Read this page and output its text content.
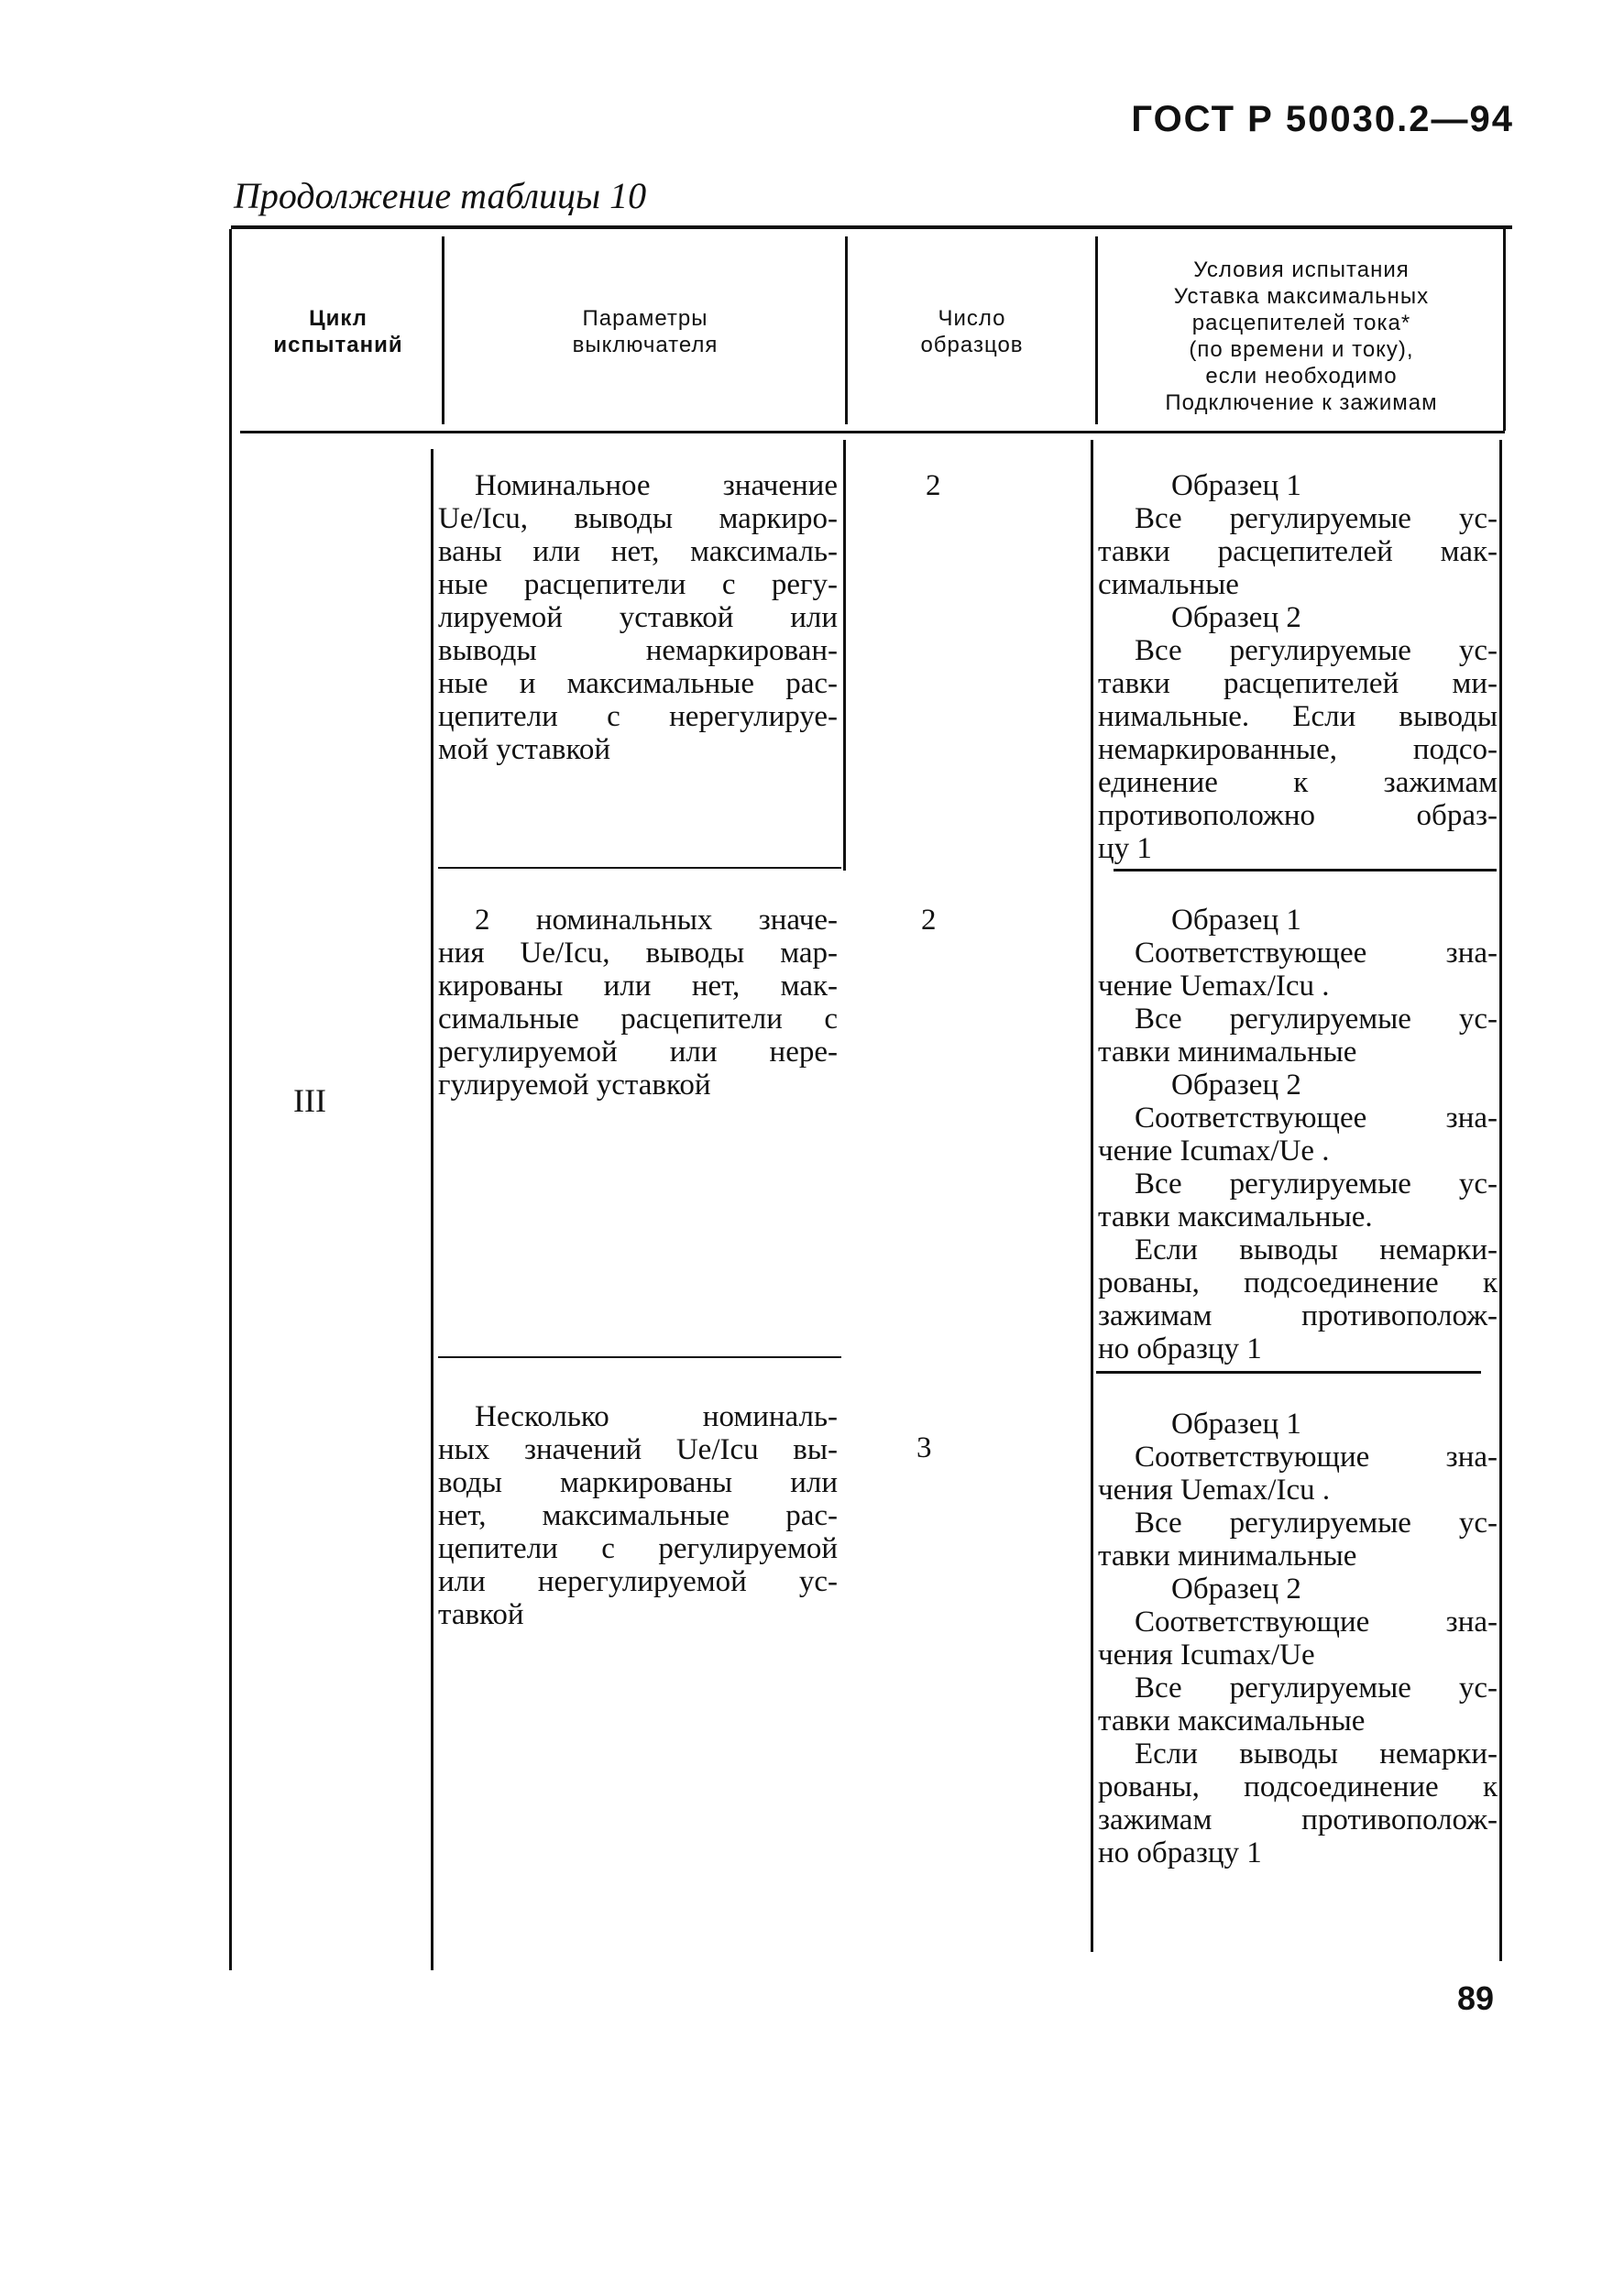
ГОСТ Р 50030.2—94
Продолжение таблицы 10
Цикл
испытаний
Параметры
выключателя
Число
образцов
Условия испытания
Уставка максимальных
расцепителей тока*
(по времени и току),
если необходимо
Подключение к зажимам
III
Номинальное значение
Ue/Icu, выводы маркиро-
ваны или нет, максималь-
ные расцепители с регу-
лируемой уставкой или
выводы немаркирован-
ные и максимальные рас-
цепители с нерегулируе-
мой уставкой
2	Образец 1
Все регулируемые ус-
тавки расцепителей мак-
симальные
Образец 2
Все регулируемые ус-
тавки расцепителей ми-
нимальные. Если выводы
немаркированные, подсо-
единение к зажимам
противоположно образ-
цу 1
2 номинальных значе-
ния Ue/Icu, выводы мар-
кированы или нет, мак-
симальные расцепители с
регулируемой или нере-
гулируемой уставкой
2	Образец 1
Соответствующее зна-
чение Uemax/Icu .
Все регулируемые ус-
тавки минимальные
Образец 2
Соответствующее зна-
чение Icumax/Ue .
Все регулируемые ус-
тавки максимальные.
Если выводы немарки-
рованы, подсоединение к
зажимам противополож-
но образцу 1
Несколько номиналь-
ных значений Ue/Icu вы-
воды маркированы или
нет, максимальные рас-
цепители с регулируемой
или нерегулируемой ус-
тавкой
3
Образец 1
Соответствующие зна-
чения Uemax/Icu .
Все регулируемые ус-
тавки минимальные
Образец 2
Соответствующие зна-
чения Icumax/Ue
Все регулируемые ус-
тавки максимальные
Если выводы немарки-
рованы, подсоединение к
зажимам противополож-
но образцу 1
89
